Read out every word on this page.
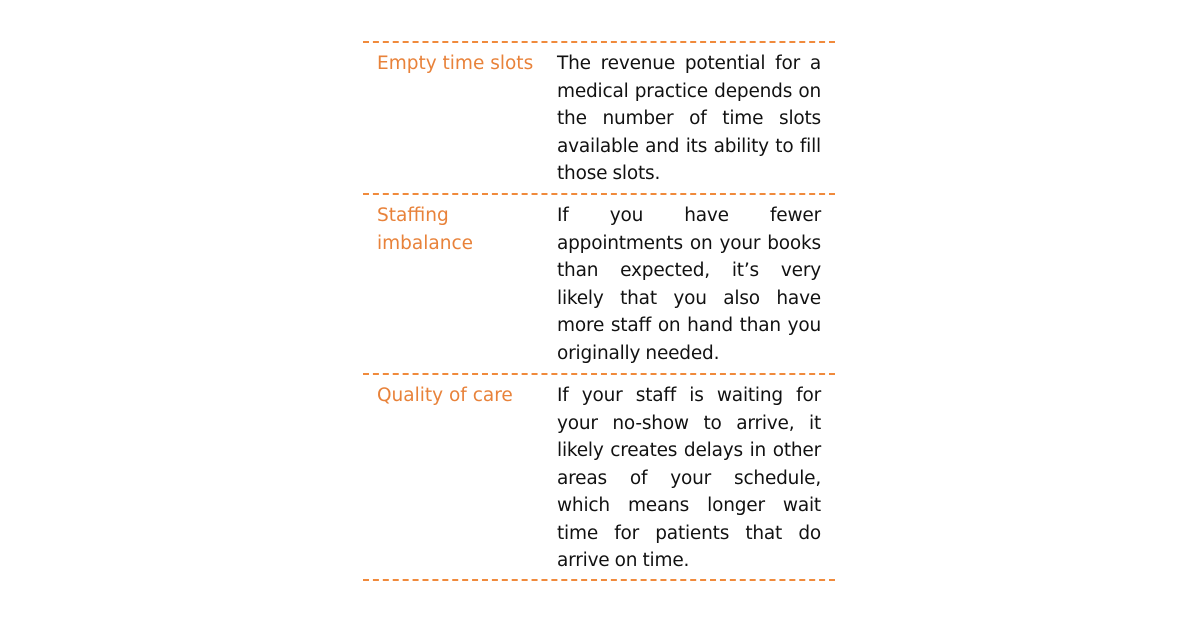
Empty time slots	The revenue potential for a medical practice depends on the number of time slots available and its ability to fill those slots.
Staffing imbalance
If you have fewer appointments on your books than expected, it’s very likely that you also have more staff on hand than you originally needed.
Quality of care	If your staff is waiting for your no-show to arrive, it likely creates delays in other areas of your schedule, which means longer wait time for patients that do arrive on time.
